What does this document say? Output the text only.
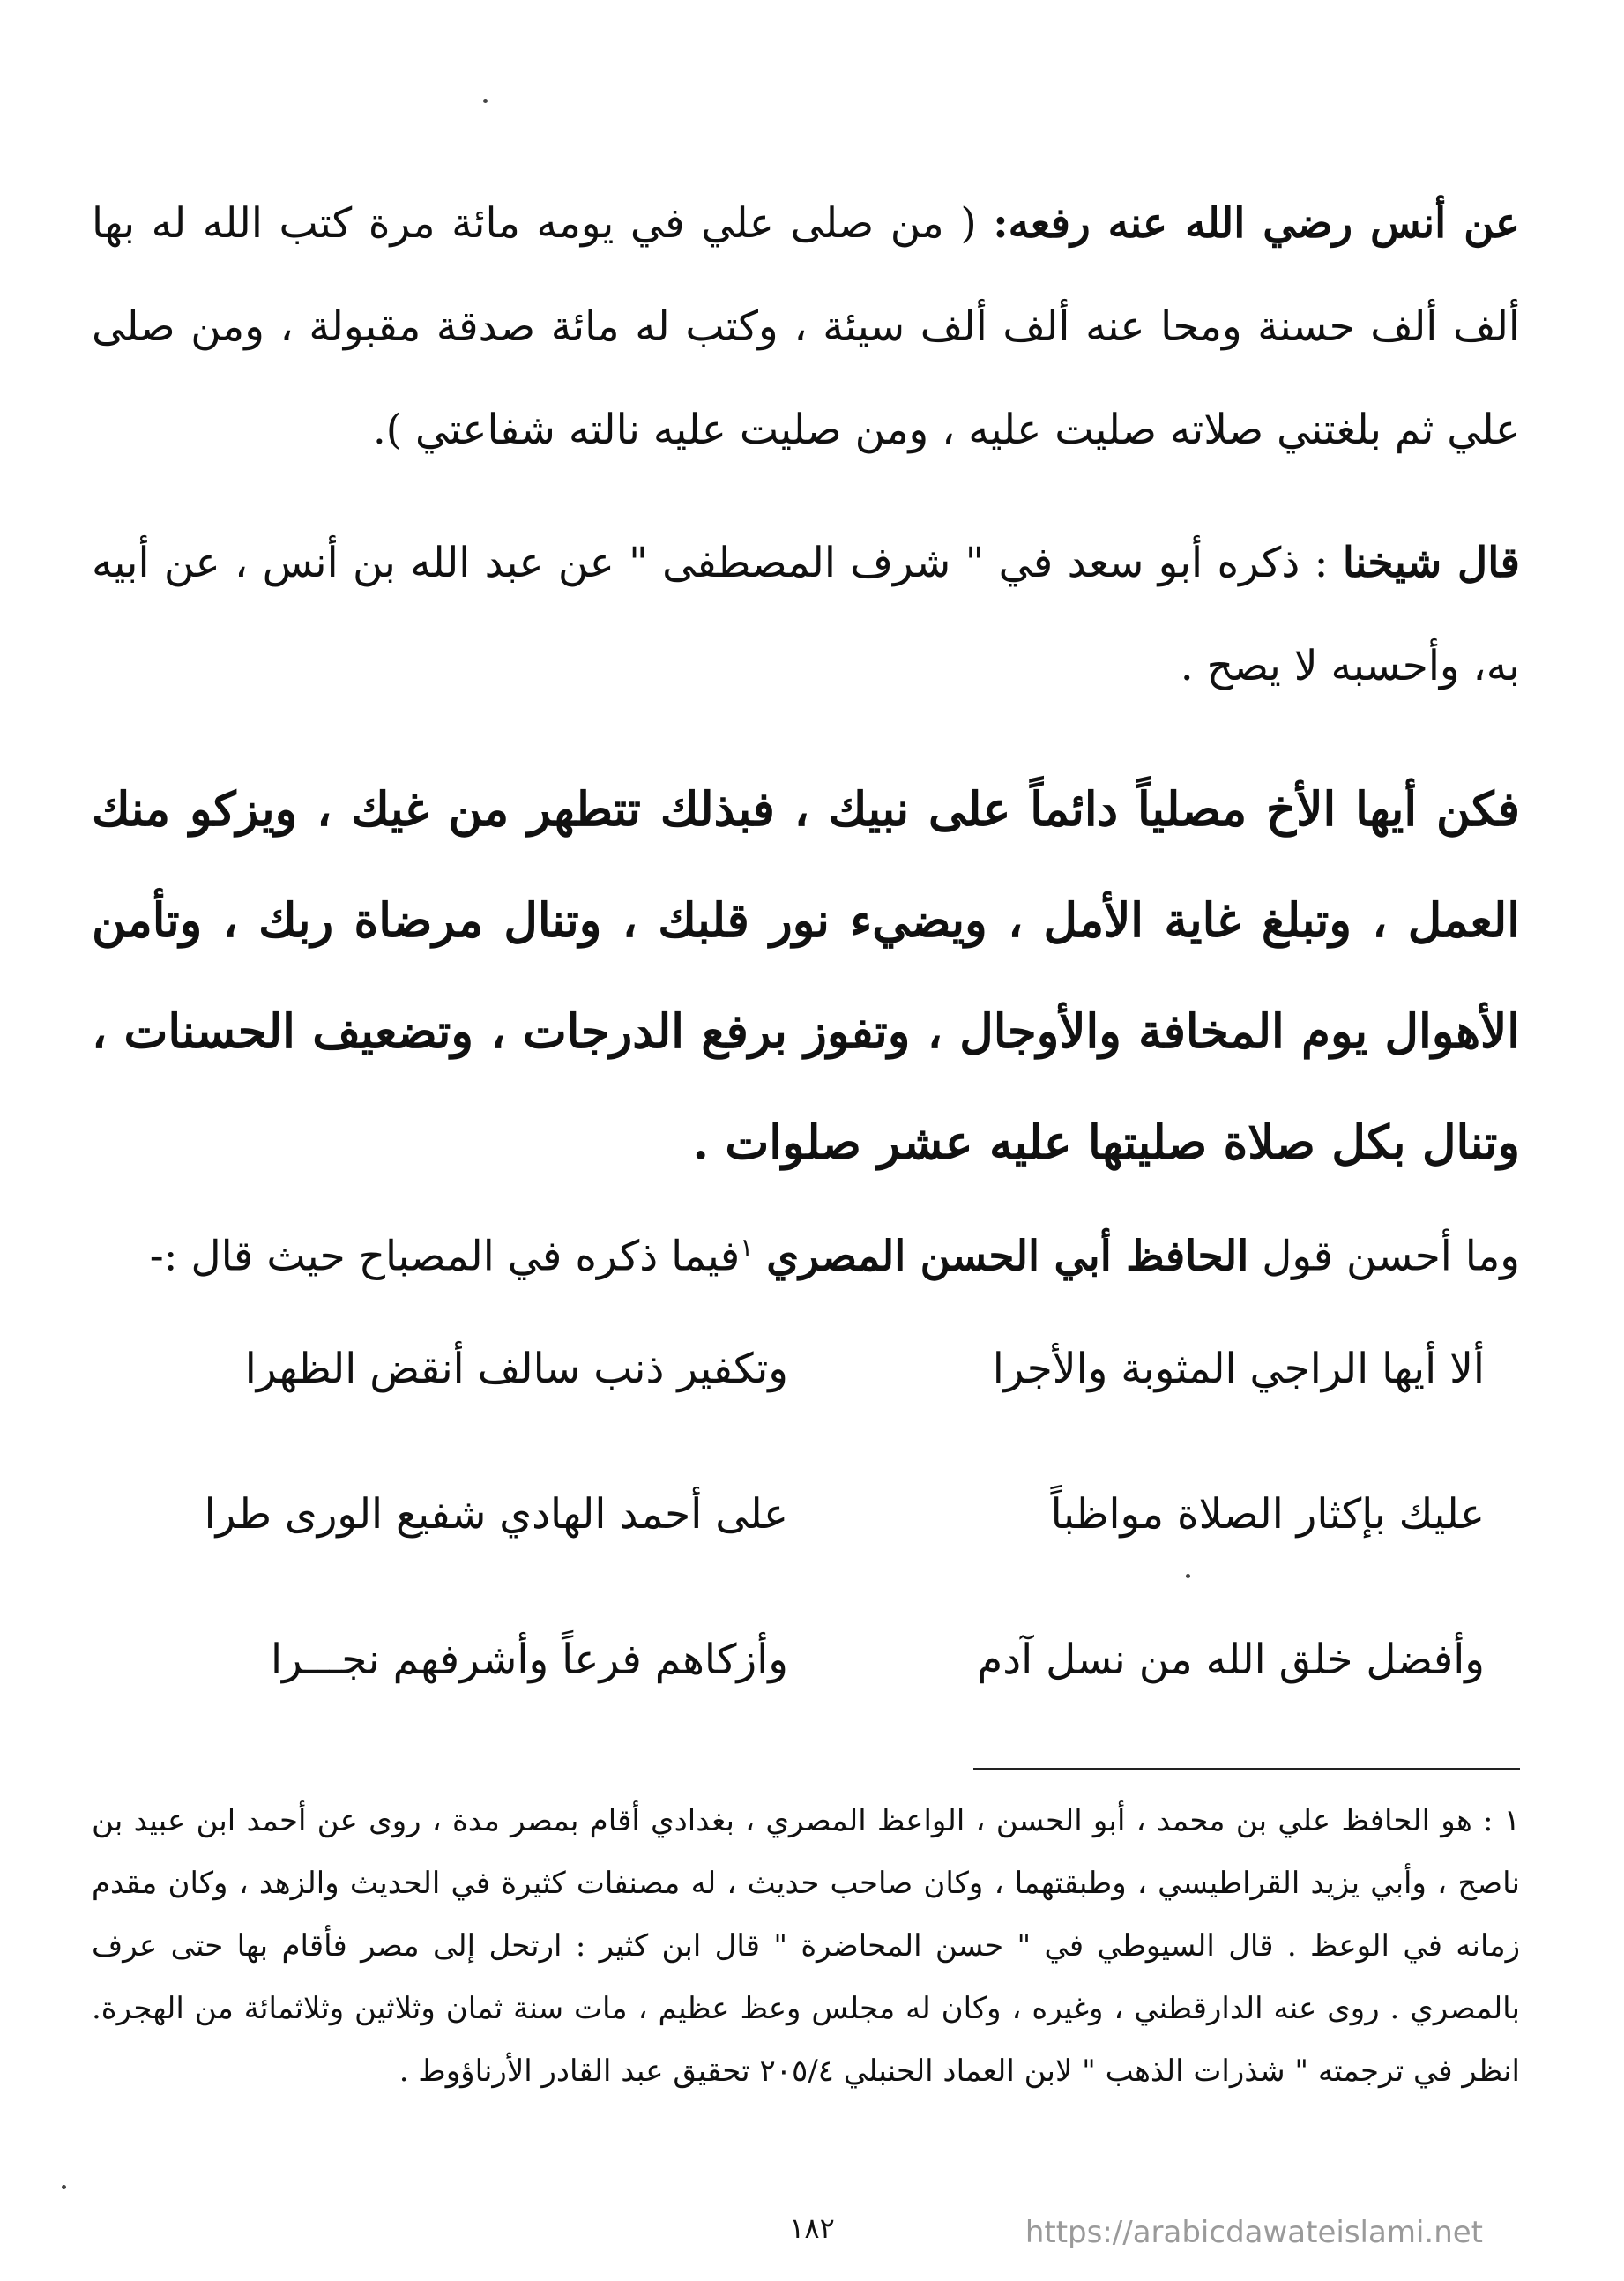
عن أنس رضي الله عنه رفعه: ( من صلى علي في يومه مائة مرة كتب الله له بها ألف ألف حسنة ومحا عنه ألف ألف سيئة ، وكتب له مائة صدقة مقبولة ، ومن صلى علي ثم بلغتني صلاته صليت عليه ، ومن صليت عليه نالته شفاعتي ).

قال شيخنا : ذكره أبو سعد في " شرف المصطفى " عن عبد الله بن أنس ، عن أبيه به، وأحسبه لا يصح .

فكن أيها الأخ مصلياً دائماً على نبيك ، فبذلك تتطهر من غيك ، ويزكو منك العمل ، وتبلغ غاية الأمل ، ويضيء نور قلبك ، وتنال مرضاة ربك ، وتأمن الأهوال يوم المخافة والأوجال ، وتفوز برفع الدرجات ، وتضعيف الحسنات ، وتنال بكل صلاة صليتها عليه عشر صلوات .

وما أحسن قول الحافظ أبي الحسن المصري $^١$فيما ذكره في المصباح حيث قال :-

ألا أيها الراجي المثوبة والأجرا
وتكفير ذنب سالف أنقض الظهرا
عليك بإكثار الصلاة مواظباً
على أحمد الهادي شفيع الورى طرا
وأفضل خلق الله من نسل آدم
وأزكاهم فرعاً وأشرفهم نجـــرا

١ : هو الحافظ علي بن محمد ، أبو الحسن ، الواعظ المصري ، بغدادي أقام بمصر مدة ، روى عن أحمد ابن عبيد بن ناصح ، وأبي يزيد القراطيسي ، وطبقتهما ، وكان صاحب حديث ، له مصنفات كثيرة في الحديث والزهد ، وكان مقدم زمانه في الوعظ . قال السيوطي في " حسن المحاضرة " قال ابن كثير : ارتحل إلى مصر فأقام بها حتى عرف بالمصري . روى عنه الدارقطني ، وغيره ، وكان له مجلس وعظ عظيم ، مات سنة ثمان وثلاثين وثلاثمائة من الهجرة. انظر في ترجمته " شذرات الذهب " لابن العماد الحنبلي ٢٠٥/٤ تحقيق عبد القادر الأرناؤوط .

١٨٢	https://arabicdawateislami.net
